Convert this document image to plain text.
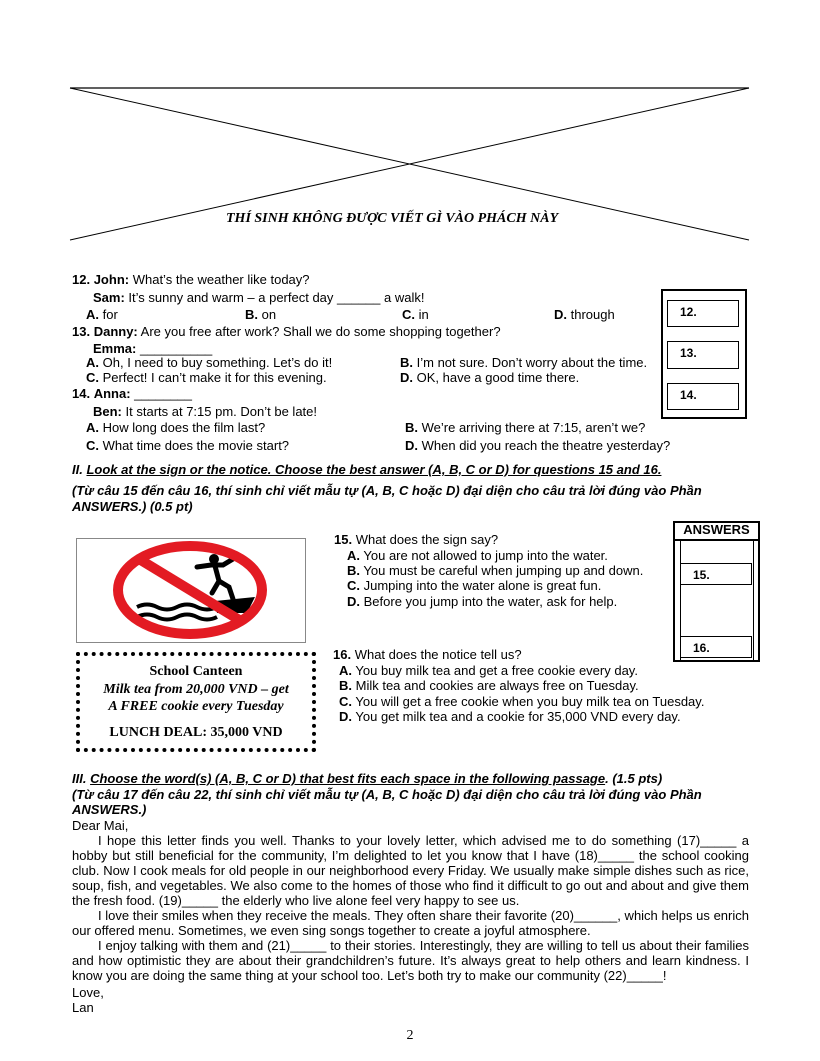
THÍ SINH KHÔNG ĐƯỢC VIẾT GÌ VÀO PHÁCH NÀY
12. John: What’s the weather like today?
Sam: It’s sunny and warm – a perfect day ______ a walk!
A. for	B. on	C. in	D. through
13. Danny: Are you free after work? Shall we do some shopping together?
Emma: __________
A. Oh, I need to buy something. Let’s do it!	B. I’m not sure. Don’t worry about the time.
C. Perfect! I can’t make it for this evening.	D. OK, have a good time there.
14. Anna: ________
Ben: It starts at 7:15 pm. Don’t be late!
A. How long does the film last?	B. We’re arriving there at 7:15, aren’t we?
C. What time does the movie start?	D. When did you reach the theatre yesterday?
12.
13.
14.
II. Look at the sign or the notice. Choose the best answer (A, B, C or D) for questions 15 and 16.
(Từ câu 15 đến câu 16, thí sinh chỉ viết mẫu tự (A, B, C hoặc D) đại diện cho câu trả lời đúng vào Phần
ANSWERS.) (0.5 pt)
School Canteen
Milk tea from 20,000 VND – get
A FREE cookie every Tuesday
LUNCH DEAL: 35,000 VND
15. What does the sign say?
A. You are not allowed to jump into the water.
B. You must be careful when jumping up and down.
C. Jumping into the water alone is great fun.
D. Before you jump into the water, ask for help.
16. What does the notice tell us?
A. You buy milk tea and get a free cookie every day.
B. Milk tea and cookies are always free on Tuesday.
C. You will get a free cookie when you buy milk tea on Tuesday.
D. You get milk tea and a cookie for 35,000 VND every day.
ANSWERS
15.
16.
III. Choose the word(s) (A, B, C or D) that best fits each space in the following passage. (1.5 pts)
(Từ câu 17 đến câu 22, thí sinh chỉ viết mẫu tự (A, B, C hoặc D) đại diện cho câu trả lời đúng vào Phần
ANSWERS.)
Dear Mai,

I hope this letter finds you well. Thanks to your lovely letter, which advised me to do something (17)_____ a hobby but still beneficial for the community, I’m delighted to let you know that I have (18)_____ the school cooking club. Now I cook meals for old people in our neighborhood every Friday. We usually make simple dishes such as rice, soup, fish, and vegetables. We also come to the homes of those who find it difficult to go out and about and give them the fresh food. (19)_____ the elderly who live alone feel very happy to see us.

I love their smiles when they receive the meals. They often share their favorite (20)______, which helps us enrich our offered menu. Sometimes, we even sing songs together to create a joyful atmosphere.

I enjoy talking with them and (21)_____ to their stories. Interestingly, they are willing to tell us about their families and how optimistic they are about their grandchildren’s future. It’s always great to help others and learn kindness. I know you are doing the same thing at your school too. Let’s both try to make our community (22)_____!

Love,
Lan
2
